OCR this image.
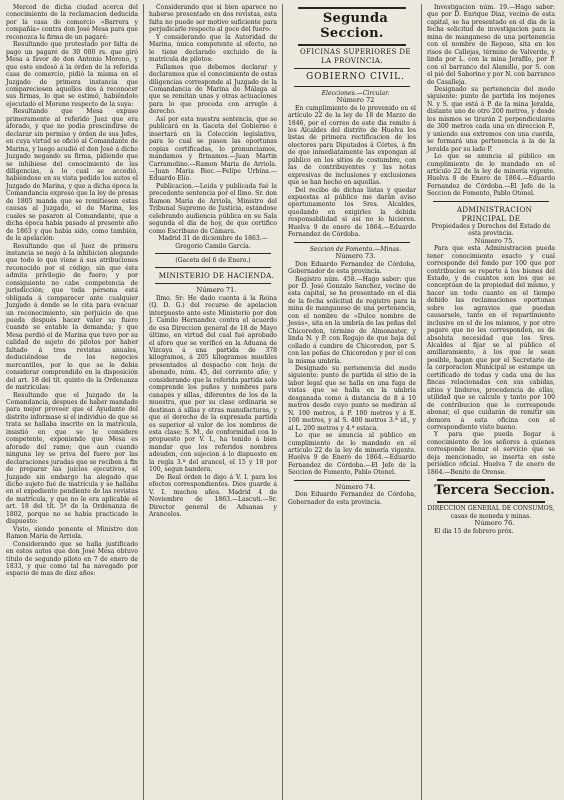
Merced de dicha ciudad acerca del conocimiento de la reclamacion deducida por la casa de comercio «Barrera y compañía» contra don José Mesa para que reconozca la firma de un pagaré:

Resultando que protestado por falta de pago un pagaré de 30 000 rs. que giró Mesa a favor de don Antonio Moreno, y que este endosó á la órden de la referida casa de comercio, pidió la misma en el Juzgado de primera instancia que compareciesen aquellos dos á reconocer sus firmas, lo que se estimó, habiéndolo ejecutado el Moreno respecto de la suya:

Resultando que Mesa expuso primeramente al referido Juez que era aforado, y que no podia prescindirse de declarar sin permiso y órden de sus Jefes, en cuya virtud se ofició al Comandante de Marina, y luego acudió el don José á dicho Juzgado negando su firma, pidiendo que se inhibiese del conocimiento de las diligencias, á lo cual se accedió, habiéndose en su vista pedido los autos el Juzgado de Marina, y que a dicha época la Comandancia expresó que la ley de presas de 1805 manda que se remitiesen estas causas al Juzgado, el de Marina, los cuales se pasaron al Comandante, que a dicha época había pasado al presente año de 1863 y que había sido, como también, de la apelación:

Resultando que el Juez de primera instancia se negó á la inhibicion alegando que todo lo que viene á sus atribuciones reconocido por el código, sin que ésta admita privilegio de fuero; y por consiguiente no cabe competencia de jurisdicción; que toda persona está obligada á comparecer ante cualquier Juzgado á donde se le cita para evacuar un reconocimiento, sin perjuicio de que pueda después hacer valer su fuero cuando se entable la demanda; y que Mesa perdió el de Marina que tuvo por su calidad de sujeto de pilotos por haber faltado á tres revistas anuales, deduciéndose de los negocios mercantiles, por lo que se le debía considerar comprendido en la disposición del art. 18 del tít. quinto de la Ordenanza de matrículas:

Resultando que el Juzgado de la Comandancia, despues de haber mandado para mejor proveer que el Ayudante del distrito informase si el individuo de que se trata se hallaba inscrito en la matrícula, insistió en que se le considere competente, exponiendo que Mesa es aforado del ramo; que aun cuando ninguna ley se priva del fuero por las declaraciones juradas que se reciben á fin de preparar las juicios ejecutivos, el Juzgado sin embargo ha alegado que dicho sujeto fué de matrícula y se hallaba en el expediente pendiente de las revistas de matrícula, y que no le era aplicable el art. 18 del tít. 5º de la Ordenanza de 1802, porque no se había practicado lo dispuesto:

Visto, siendo ponente el Ministro don Ramon Maria de Arriola.

Considerando que se halla justificado en estos autos que don José Mesa obtuvo título de segundo piloto en 7 de enero de 1833, y que como tal ha navegado por espacio de mas de diez años:

Considerando que si bien aparece no haberse presentado en dos revistas, esta falta no puede ser motivo suficiente para perjudicarle respecto al goce del fuero:

Y considerando que la Autoridad de Marina, única competente al efecto, no le tiene declarado excluido de la matrícula de pilotos:

Fallamos que debemos declarar y declaramos que el conocimiento de estas diligencias corresponde al Juzgado de la Comandancia de Marina de Málaga al que se remitan unas y otras actuaciones para lo que proceda con arreglo á derecho.

Así por esta nuestra sentencia, que se publicará en la Gaceta del Gobierno é insertará en la Colección legislativa, para lo cual se pasen las oportunas copias certificadas, lo pronunciamos, mandamos y firmamos.—Juan Martin Carramolino.—Ramon Maria de Arriola.—Juan Maria Biec.—Felipe Urbina.—Eduardo Elío.

Publicacion.—Leida y publicada fué la precedente sentencia por el Ilmo. Sr. don Ramon Maria de Arriola, Ministro del Tribunal Supremo de Justicia, estándose celebrando audiencia pública en su Sala segunda el dia de hoy, de que certifico como Escribano de Cámara.

Madrid 31 de diciembre de 1863.—Gregorio Camilo García.

(Gaceta del 6 de Enero.)

MINISTERIO DE HACIENDA.

Número 71.

Ilmo. Sr: He dado cuenta á la Reina (Q. D. G.) del recurso de apelacion interpuesto ante este Ministerio por don J. Camilo Hernandez contra el acuerdo de esa Direccion general de 18 de Mayo último, en virtud del cual fué aprobado el aforo que se verificó en la Aduana de Vizcaya á una partida de 378 kilogramos, á 205 kilogramos muebles presentados al despacho con hoja de abonado, núm. 45, del corriente año; y considerando que la referida partida solo comprende los puños y nombres para canapés y sillas, diferentes de los de la muestra, que por su clase ordinaria se destinan á sillas y otras manufacturas, y que el derecho de la expresada partida es superior al valor de los nombres de esta clase; S. M., de conformidad con lo propuesto por V. I., ha tenido á bien mandar que los referidos nombres adeuden, con sujecion á lo dispuesto en la regla 3.ª del arancel, el 15 y 18 por 100, segun bandera.

De Real órden lo digo á V. I. para los efectos correspondientes. Dios guarde á V. I. muchos años. Madrid 4 de Noviembre de 1863.—Lascuti.—Sr. Director general de Aduanas y Aranceles.

Segunda Seccion.

OFICINAS SUPERIORES DE LA PROVINCIA.

GOBIERNO CIVIL.

Elecciones.—Circular.

Número 72

En cumplimiento de lo prevenido en el artículo 22 de la ley de 18 de Marzo de 1846, por el correo de este dia remito á los Alcaldes del distrito de Huelva los listas de primera rectificacion de los electores para Diputados á Córtes, á fin de que inmediatamente las expongan al público en los sitios de costumbre, con las de contribuyentes y las notas expresivas de inclusiones y exclusiones que se han hecho en aquellas.

Del recibo de dichas listas y quedar expuestas al público me darán aviso oportunamente los Sres. Alcaldes, quedando en exigirles la debida responsabilidad si así no lo hicieren. Huelva 9 de enero de 1864.—Eduardo Fernandez de Córdoba.

Seccion de Fomento.—Minas.

Número 73.

Don Eduardo Fernandez de Córdoba, Gobernador de esta provincia.

Registro núm. 458.—Hago saber: que por D. José Gonzalo Sanchez, vecino de esta capital, se ha presentado en el dia de la fecha solicitud de registro para la mina de manganeso de una pertenencia, con el nombre de «Dulce nombre de Jesús», sita en la umbría de las peñas del Chicoredon, término de Almonaster, y linda N. y P. con Regajo de que baja del collado á cumbre de Chicoredon, por S. con las peñas de Chicoredon y por el con la misma umbría.

Designado su pertenencia del modo siguiente: punto de partida el sitio de la labor legal que se halla en una fuga de vistas que se halla en la umbría desganada como á distancia de 8 á 10 metros desde cuyo punto se medirán al N. 100 metros, á P. 100 metros y á E. 100 metros, y al S. 400 metros 3.ª id., y al L. 200 metros y 4.ª estaca.

Lo que se anuncia al público en cumplimiento de lo mandado en el artículo 22 de la ley de minería vigente. Huelva 9 de Enero de 1864.—Eduardo Fernandez de Córdoba.—El Jefe de la Seccion de Fomento, Pablo Otonel.

Número 74.

Don Eduardo Fernandez de Córdoba, Gobernador de esta provincia.

Investigacion núm. 19.—Hago saber: que por D. Enrique Diaz, vecino de esta capital, se ha presentado en el dia de la fecha solicitud de investigacion para la mina de manganeso de una pertenencia con el nombre de Reposo, sita en los risos de Callejas, término de Valverde, y linda por L. con la mina Jerafilo, por P. con el barranco del Alamillo, por S. con el pié del Saborino y por N. con barranco de Casalleja.

Designado su pertenencia del modo siguiente: punto de partida los mojones N. y S. que está á P. de la mina Jeralda, distante uno de otro 200 metros, y desde los mismos se tirarán 2 perpendiculares de 300 metros cada una en direccion P., y uniendo sus extremos con una cuerda, se formará una pertenencia á la de la Jeralda por su lado P.

Lo que se anuncia al público en cumplimiento de lo mandado en el artículo 22 de la ley de minería vigente. Huelva 8 de Enero de 1864.—Eduardo Fernandez de Córdoba.—El Jefe de la Seccion de Fomento, Pablo Otonel.

ADMINISTRACION PRINCIPAL DE

Propiedades y Derechos del Estado de esta provincia.

Número 75.

Para que esta Administracion pueda tener conocimiento exacto y cual corresponde del fondo por 100 que por contribucion se reparte á los bienes del Estado, y de cuantos son los que se conceptúan de la propiedad del mismo, y hacer un todo cuanto en el tiempo debido las reclamaciones oportunas sobre los agravios que puedan causarsele, tanto en el repartimiento inclusive en el de los mismos, y por otro pagare que no les corresponden, es de absoluta necesidad que los Sres. Alcaldes al fijar se al público el amillaramiento, á los que le sean posible, hagan que por el Secretario de la corporacion Municipal se estampe un certificado de todas y cada una de las fincas relacionadas con sus cabidas, sitios y linderos, procedencia de ellas, utilidad que se calcule y tanto por 100 de contribucion que le corresponde abonar, el que cuidarán de remitir sin demora á esta oficina con el correspondiente visto bueno.

Y para que pueda llegar á conocimiento de los señores á quienes corresponde llenar el servicio que se deja mencionado, se inserta en este periódico oficial. Huelva 7 de enero de 1864.—Benito de Orense.

Tercera Seccion.

DIRECCION GENERAL DE CONSUMOS, casas de moneda y minas.

Número 76.

El dia 15 de febrero próx.
